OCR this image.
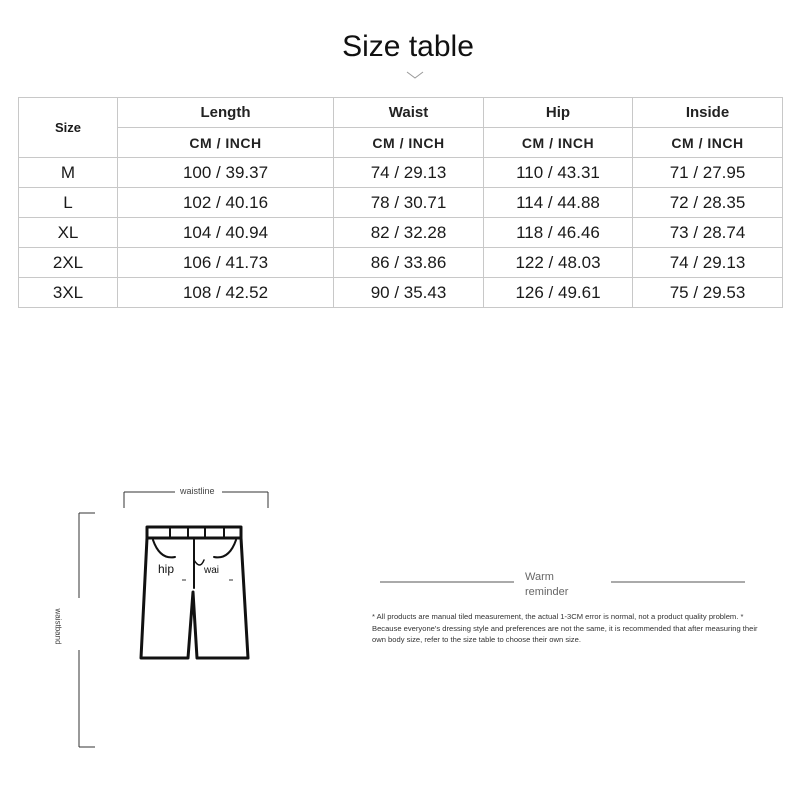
Size table
Size	Length	Waist	Hip	Inside
	CM / INCH	CM / INCH	CM / INCH	CM / INCH
M	100 / 39.37	74 / 29.13	110 / 43.31	71 / 27.95
L	102 / 40.16	78 / 30.71	114 / 44.88	72 / 28.35
XL	104 / 40.94	82 / 32.28	118 / 46.46	73 / 28.74
2XL	106 / 41.73	86 / 33.86	122 / 48.03	74 / 29.13
3XL	108 / 42.52	90 / 35.43	126 / 49.61	75 / 29.53
waistline
waistband
hip	wai
Warm reminder
* All products are manual tiled measurement, the actual 1-3CM error is normal, not a product quality problem. * Because everyone's dressing style and preferences are not the same, it is recommended that after measuring their own body size, refer to the size table to choose their own size.
